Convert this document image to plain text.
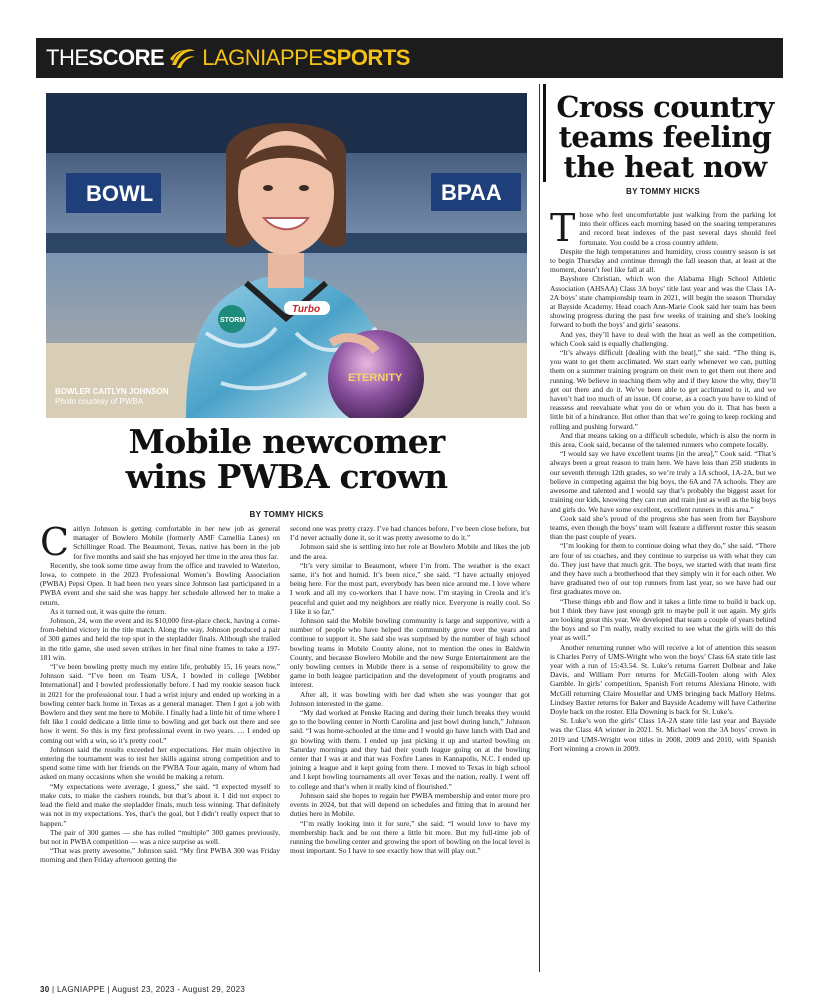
THE SCORE LAGNIAPPE SPORTS
BOWL	BPAA
Turbo
STORM
ETERNITY
BOWLER CAITLYN JOHNSON
Photo courtesy of PWBA
Mobile newcomer
wins PWBA crown
BY TOMMY HICKS

Caitlyn Johnson is getting comfortable in her new job as general manager of Bowlero Mobile (formerly AMF Camellia Lanes) on Schillinger Road. The Beaumont, Texas, native has been in the job for five months and said she has enjoyed her time in the area thus far.

Recently, she took some time away from the office and traveled to Waterloo, Iowa, to compete in the 2023 Professional Women’s Bowling Association (PWBA) Pepsi Open. It had been two years since Johnson last participated in a PWBA event and she said she was happy her schedule allowed her to make a return.

As it turned out, it was quite the return.

Johnson, 24, won the event and its $10,000 first-place check, having a come-from-behind victory in the title match. Along the way, Johnson produced a pair of 300 games and held the top spot in the stepladder finals. Although she trailed in the title game, she used seven strikes in her final nine frames to take a 197-181 win.

“I’ve been bowling pretty much my entire life, probably 15, 16 years now,” Johnson said. “I’ve been on Team USA, I bowled in college [Webber International] and I bowled professionally before. I had my rookie season back in 2021 for the professional tour. I had a wrist injury and ended up working in a bowling center back home in Texas as a general manager. Then I got a job with Bowlero and they sent me here to Mobile. I finally had a little bit of time where I felt like I could dedicate a little time to bowling and get back out there and see how it went. So this is my first professional event in two years. … I ended up coming out with a win, so it’s pretty cool.”

Johnson said the results exceeded her expectations. Her main objective in entering the tournament was to test her skills against strong competition and to spend some time with her friends on the PWBA Tour again, many of whom had asked on many occasions when she would be making a return.

“My expectations were average, I guess,” she said. “I expected myself to make cuts, to make the cashers rounds, but that’s about it. I did not expect to lead the field and make the stepladder finals, much less winning. That definitely was not in my expectations. Yes, that’s the goal, but I didn’t really expect that to happen.”

The pair of 300 games — she has rolled “multiple” 300 games previously, but not in PWBA competition — was a nice surprise as well.

“That was pretty awesome,” Johnson said. “My first PWBA 300 was Friday morning and then Friday afternoon getting the

second one was pretty crazy. I’ve had chances before, I’ve been close before, but I’d never actually done it, so it was pretty awesome to do it.”

Johnson said she is settling into her role at Bowlero Mobile and likes the job and the area.

“It’s very similar to Beaumont, where I’m from. The weather is the exact same, it’s hot and humid. It’s been nice,” she said. “I have actually enjoyed being here. For the most part, everybody has been nice around me. I love where I work and all my co-workers that I have now. I’m staying in Creola and it’s peaceful and quiet and my neighbors are really nice. Everyone is really cool. So I like it so far.”

Johnson said the Mobile bowling community is large and supportive, with a number of people who have helped the community grow over the years and continue to support it. She said she was surprised by the number of high school bowling teams in Mobile County alone, not to mention the ones in Baldwin County, and because Bowlero Mobile and the new Surge Entertainment are the only bowling centers in Mobile there is a sense of responsibility to grow the game in both league participation and the development of youth programs and interest.

After all, it was bowling with her dad when she was younger that got Johnson interested in the game.

“My dad worked at Penske Racing and during their lunch breaks they would go to the bowling center in North Carolina and just bowl during lunch,” Johnson said. “I was home-schooled at the time and I would go have lunch with Dad and go bowling with them. I ended up just picking it up and started bowling on Saturday mornings and they had their youth league going on at the bowling center that I was at and that was Foxfire Lanes in Kannapolis, N.C. I ended up joining a league and it kept going from there. I moved to Texas in high school and I kept bowling tournaments all over Texas and the nation, really. I went off to college and that’s when it really kind of flourished.”

Johnson said she hopes to regain her PWBA membership and enter more pro events in 2024, but that will depend on schedules and fitting that in around her duties here in Mobile.

“I’m really looking into it for sure,” she said. “I would love to have my membership back and be out there a little bit more. But my full-time job of running the bowling center and growing the sport of bowling on the local level is most important. So I have to see exactly how that will play out.”

Cross country
teams feeling
the heat now
BY TOMMY HICKS

Those who feel uncomfortable just walking from the parking lot into their offices each morning based on the soaring temperatures and record heat indexes of the past several days should feel fortunate. You could be a cross country athlete.

Despite the high temperatures and humidity, cross country season is set to begin Thursday and continue through the fall season that, at least at the moment, doesn’t feel like fall at all.

Bayshore Christian, which won the Alabama High School Athletic Association (AHSAA) Class 3A boys’ title last year and was the Class 1A-2A boys’ state championship team in 2021, will begin the season Thursday at Bayside Academy. Head coach Ann-Marie Cook said her team has been showing progress during the past few weeks of training and she’s looking forward to both the boys’ and girls’ seasons.

And yes, they’ll have to deal with the heat as well as the competition, which Cook said is equally challenging.

“It’s always difficult [dealing with the heat],” she said. “The thing is, you want to get them acclimated. We start early whenever we can, putting them on a summer training program on their own to get them out there and running. We believe in teaching them why and if they know the why, they’ll get out there and do it. We’ve been able to get acclimated to it, and we haven’t had too much of an issue. Of course, as a coach you have to kind of reassess and reevaluate what you do or when you do it. That has been a little bit of a hindrance. But other than that we’re going to keep rocking and rolling and pushing forward.”

And that means taking on a difficult schedule, which is also the norm in this area, Cook said, because of the talented runners who compete locally.

“I would say we have excellent teams [in the area],” Cook said. “That’s always been a great reason to train here. We have less than 250 students in our seventh through 12th grades, so we’re truly a 1A school, 1A-2A, but we believe in competing against the big boys, the 6A and 7A schools. They are awesome and talented and I would say that’s probably the biggest asset for training our kids, knowing they can run and train just as well as the big boys and girls do. We have some excellent, excellent runners in this area.”

Cook said she’s proud of the progress she has seen from her Bayshore teams, even though the boys’ team will feature a different roster this season than the past couple of years.

“I’m looking for them to continue doing what they do,” she said. “There are four of us coaches, and they continue to surprise us with what they can do. They just have that much grit. The boys, we started with that team first and they have such a brotherhood that they simply win it for each other. We have graduated two of our top runners from last year, so we have had our first graduates move on.

“These things ebb and flow and it takes a little time to build it back up, but I think they have just enough grit to maybe pull it out again. My girls are looking great this year. We developed that team a couple of years behind the boys and so I’m really, really excited to see what the girls will do this year as well.”

Another returning runner who will receive a lot of attention this season is Charles Perry of UMS-Wright who won the boys’ Class 6A state title last year with a run of 15:43.54. St. Luke’s returns Garrett Dolbear and Jake Davis, and William Porr returns for McGill-Toolen along with Alex Gamble. In girls’ competition, Spanish Fort returns Alexiana Hinote, with McGill returning Claire Mostellar and UMS bringing back Mallory Helms. Lindsey Baxter returns for Baker and Bayside Academy will have Catherine Doyle back on the roster. Ella Downing is back for St. Luke’s.

St. Luke’s won the girls’ Class 1A-2A state title last year and Bayside was the Class 4A winner in 2021. St. Michael won the 3A boys’ crown in 2019 and UMS-Wright won titles in 2008, 2009 and 2010, with Spanish Fort winning a crown in 2009.

30 | LAGNIAPPE | August 23, 2023 - August 29, 2023
